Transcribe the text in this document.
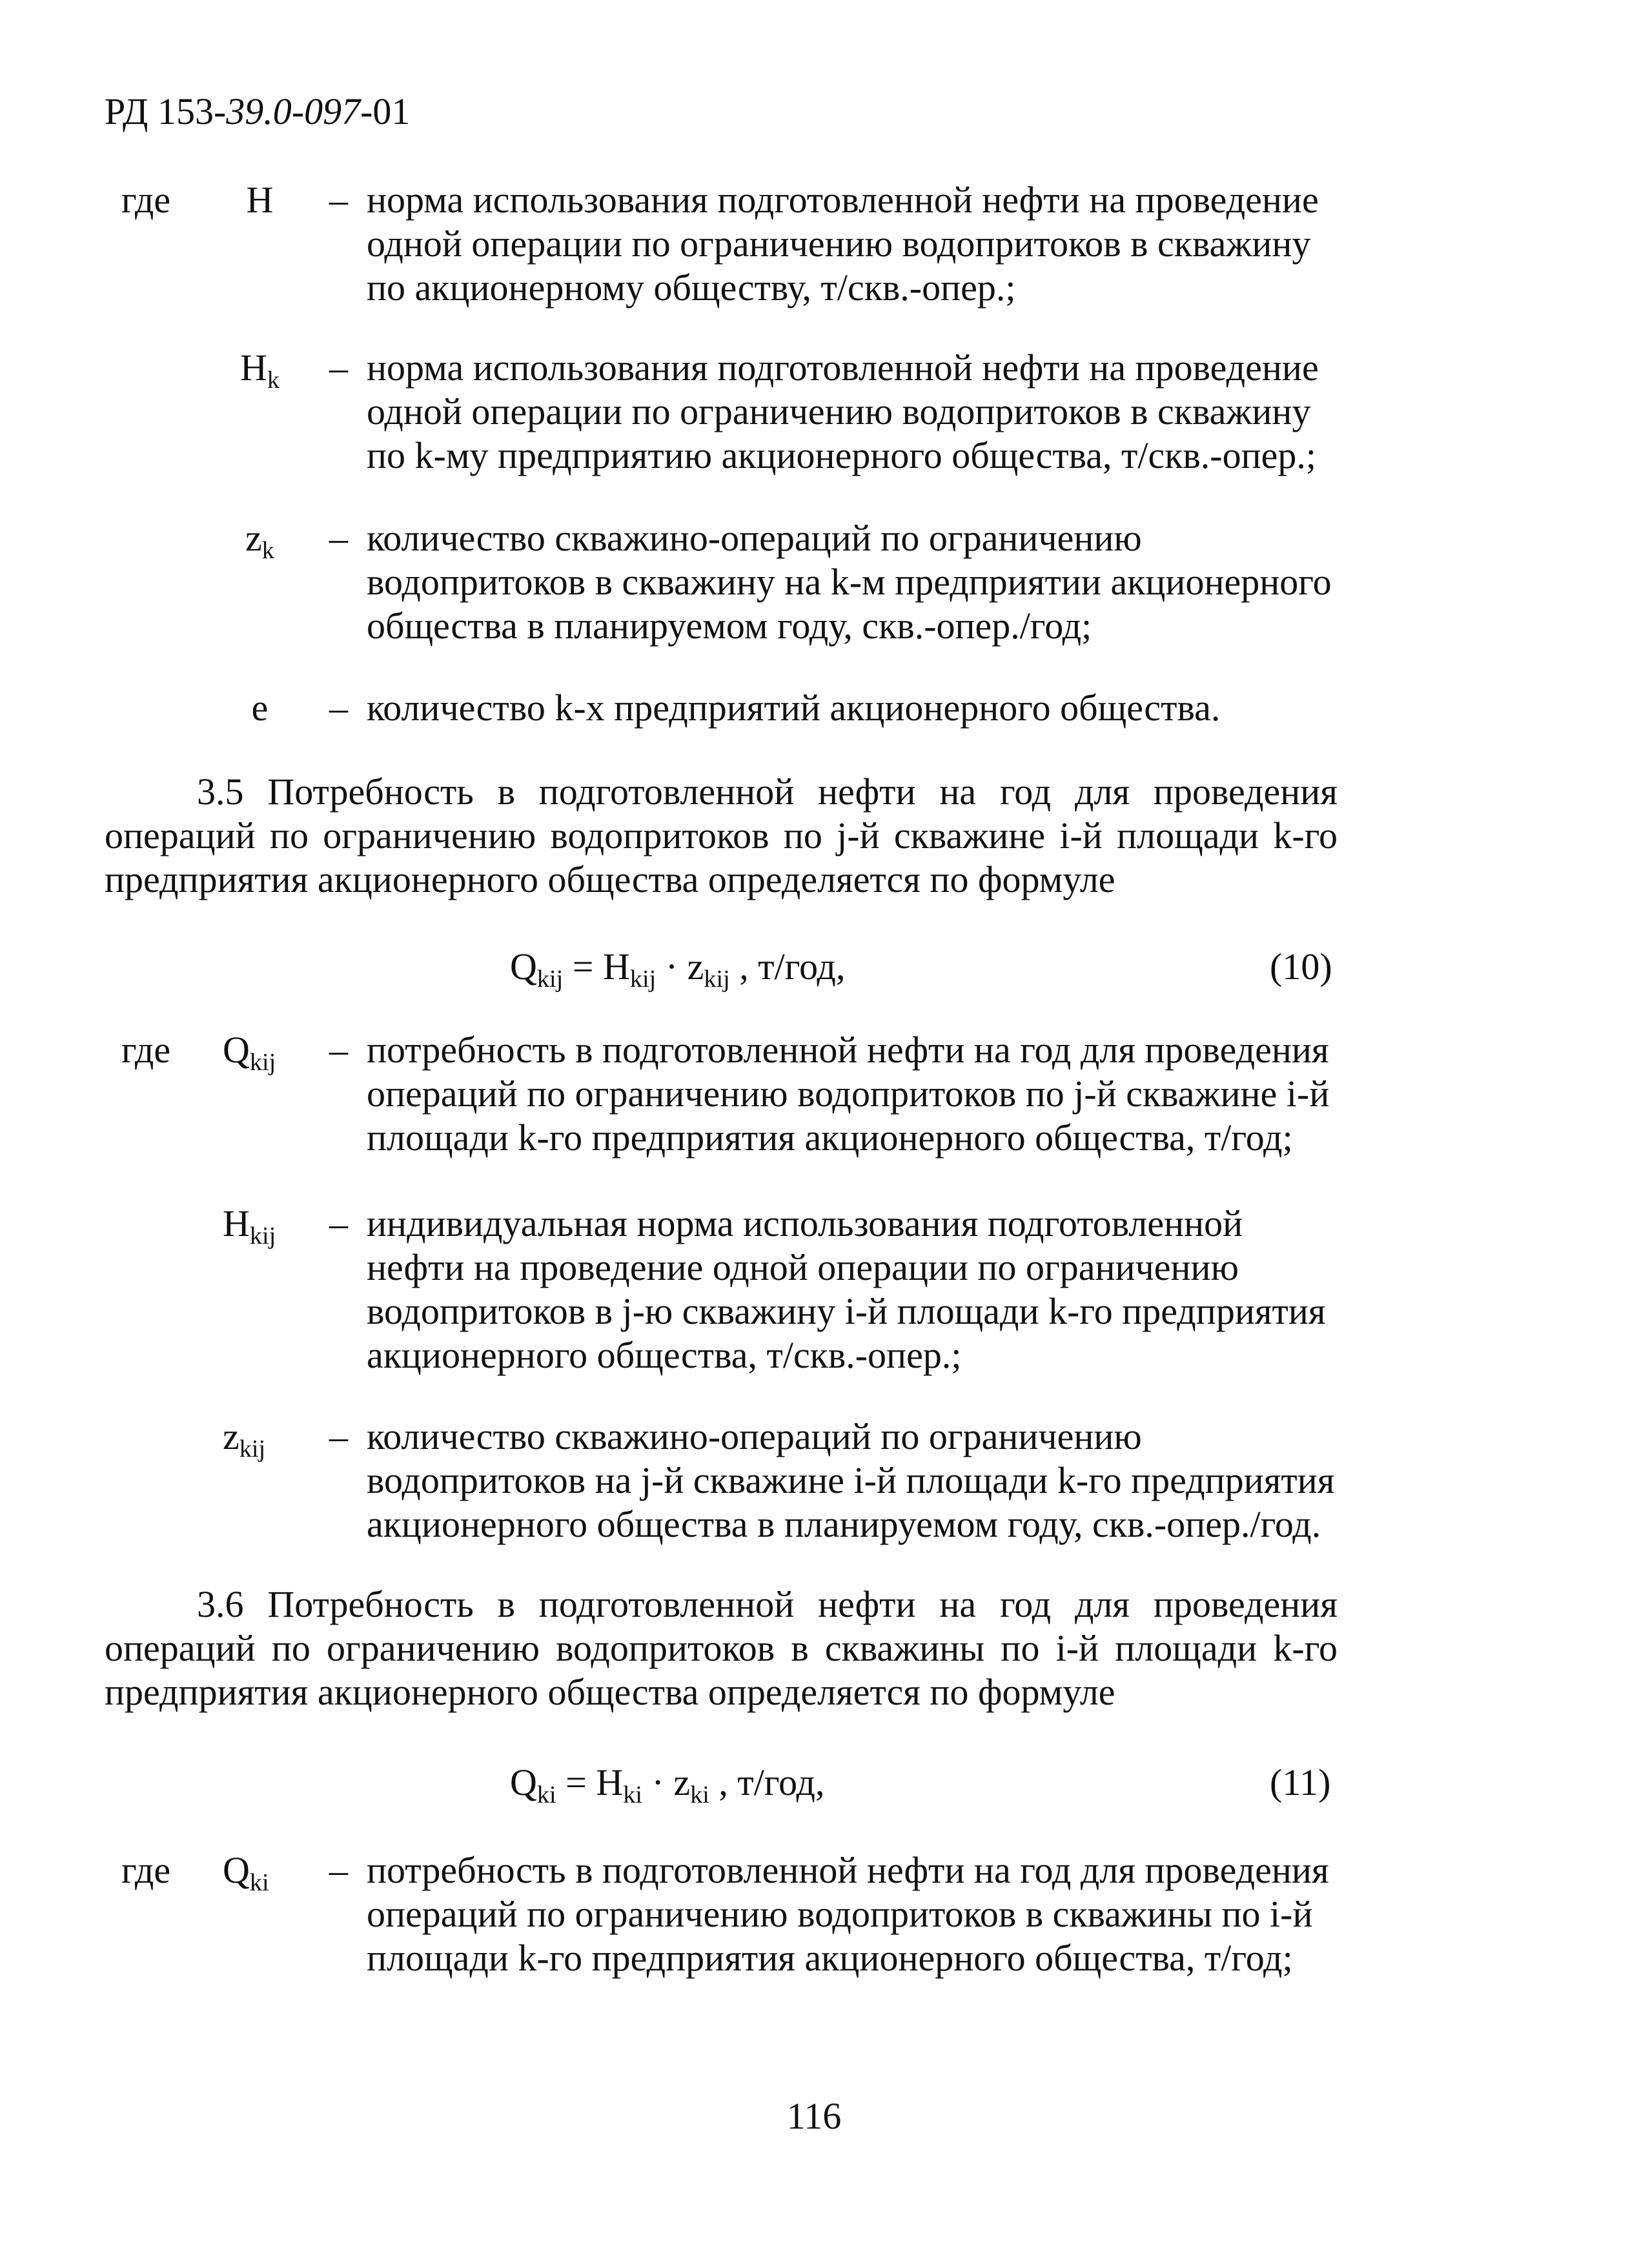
РД 153-39.0-097-01
где	Н	– норма использования подготовленной нефти на проведение одной операции по ограничению водопритоков в скважину по акционерному обществу, т/скв.-опер.;
$Н_k$	– норма использования подготовленной нефти на проведение одной операции по ограничению водопритоков в скважину по k-му предприятию акционерного общества, т/скв.-опер.;
$z_k$	– количество скважино-операций по ограничению водопритоков в скважину на k-м предприятии акционерного общества в планируемом году, скв.-опер./год;
е	– количество k-х предприятий акционерного общества.
3.5 Потребность в подготовленной нефти на год для проведения операций по ограничению водопритоков по j-й скважине i-й площади k-го предприятия акционерного общества определяется по формуле
$Q_{kij} = Н_{kij} \cdot z_{kij}$ , т/год,	(10)
где $Q_{kij}$ – потребность в подготовленной нефти на год для проведения операций по ограничению водопритоков по j-й скважине i-й площади k-го предприятия акционерного общества, т/год;
$Н_{kij}$ – индивидуальная норма использования подготовленной нефти на проведение одной операции по ограничению водопритоков в j-ю скважину i-й площади k-го предприятия акционерного общества, т/скв.-опер.;
$z_{kij}$ – количество скважино-операций по ограничению водопритоков на j-й скважине i-й площади k-го предприятия акционерного общества в планируемом году, скв.-опер./год.
3.6 Потребность в подготовленной нефти на год для проведения операций по ограничению водопритоков в скважины по i-й площади k-го предприятия акционерного общества определяется по формуле
$Q_{ki} = Н_{ki} \cdot z_{ki}$ , т/год,	(11)
где $Q_{ki}$ – потребность в подготовленной нефти на год для проведения операций по ограничению водопритоков в скважины по i-й площади k-го предприятия акционерного общества, т/год;
116
